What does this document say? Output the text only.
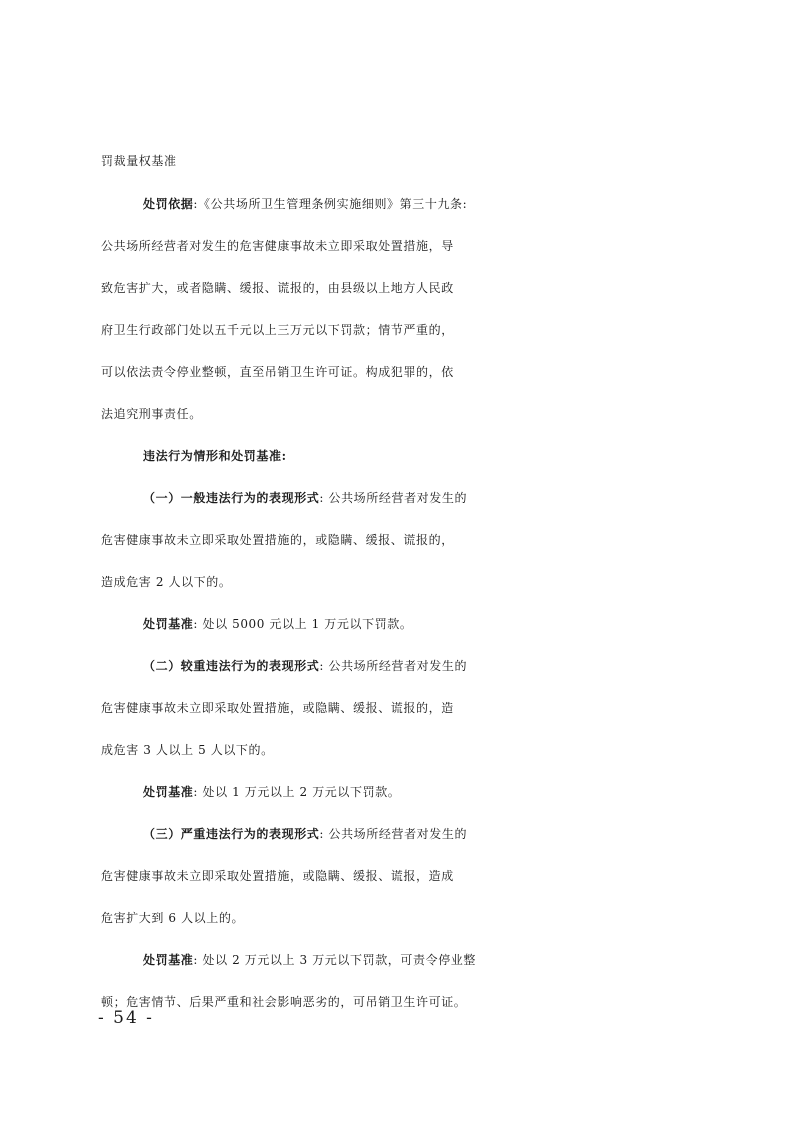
罚裁量权基准
处罚依据:《公共场所卫生管理条例实施细则》第三十九条:
公共场所经营者对发生的危害健康事故未立即采取处置措施，导
致危害扩大，或者隐瞒、缓报、谎报的，由县级以上地方人民政
府卫生行政部门处以五千元以上三万元以下罚款；情节严重的，
可以依法责令停业整顿，直至吊销卫生许可证。构成犯罪的，依
法追究刑事责任。
违法行为情形和处罚基准:
（一）一般违法行为的表现形式: 公共场所经营者对发生的
危害健康事故未立即采取处置措施的，或隐瞒、缓报、谎报的，
造成危害 2 人以下的。
处罚基准: 处以 5000 元以上 1 万元以下罚款。
（二）较重违法行为的表现形式: 公共场所经营者对发生的
危害健康事故未立即采取处置措施，或隐瞒、缓报、谎报的，造
成危害 3 人以上 5 人以下的。
处罚基准: 处以 1 万元以上 2 万元以下罚款。
（三）严重违法行为的表现形式: 公共场所经营者对发生的
危害健康事故未立即采取处置措施，或隐瞒、缓报、谎报，造成
危害扩大到 6 人以上的。
处罚基准: 处以 2 万元以上 3 万元以下罚款，可责令停业整
顿；危害情节、后果严重和社会影响恶劣的，可吊销卫生许可证。
- 54 -
